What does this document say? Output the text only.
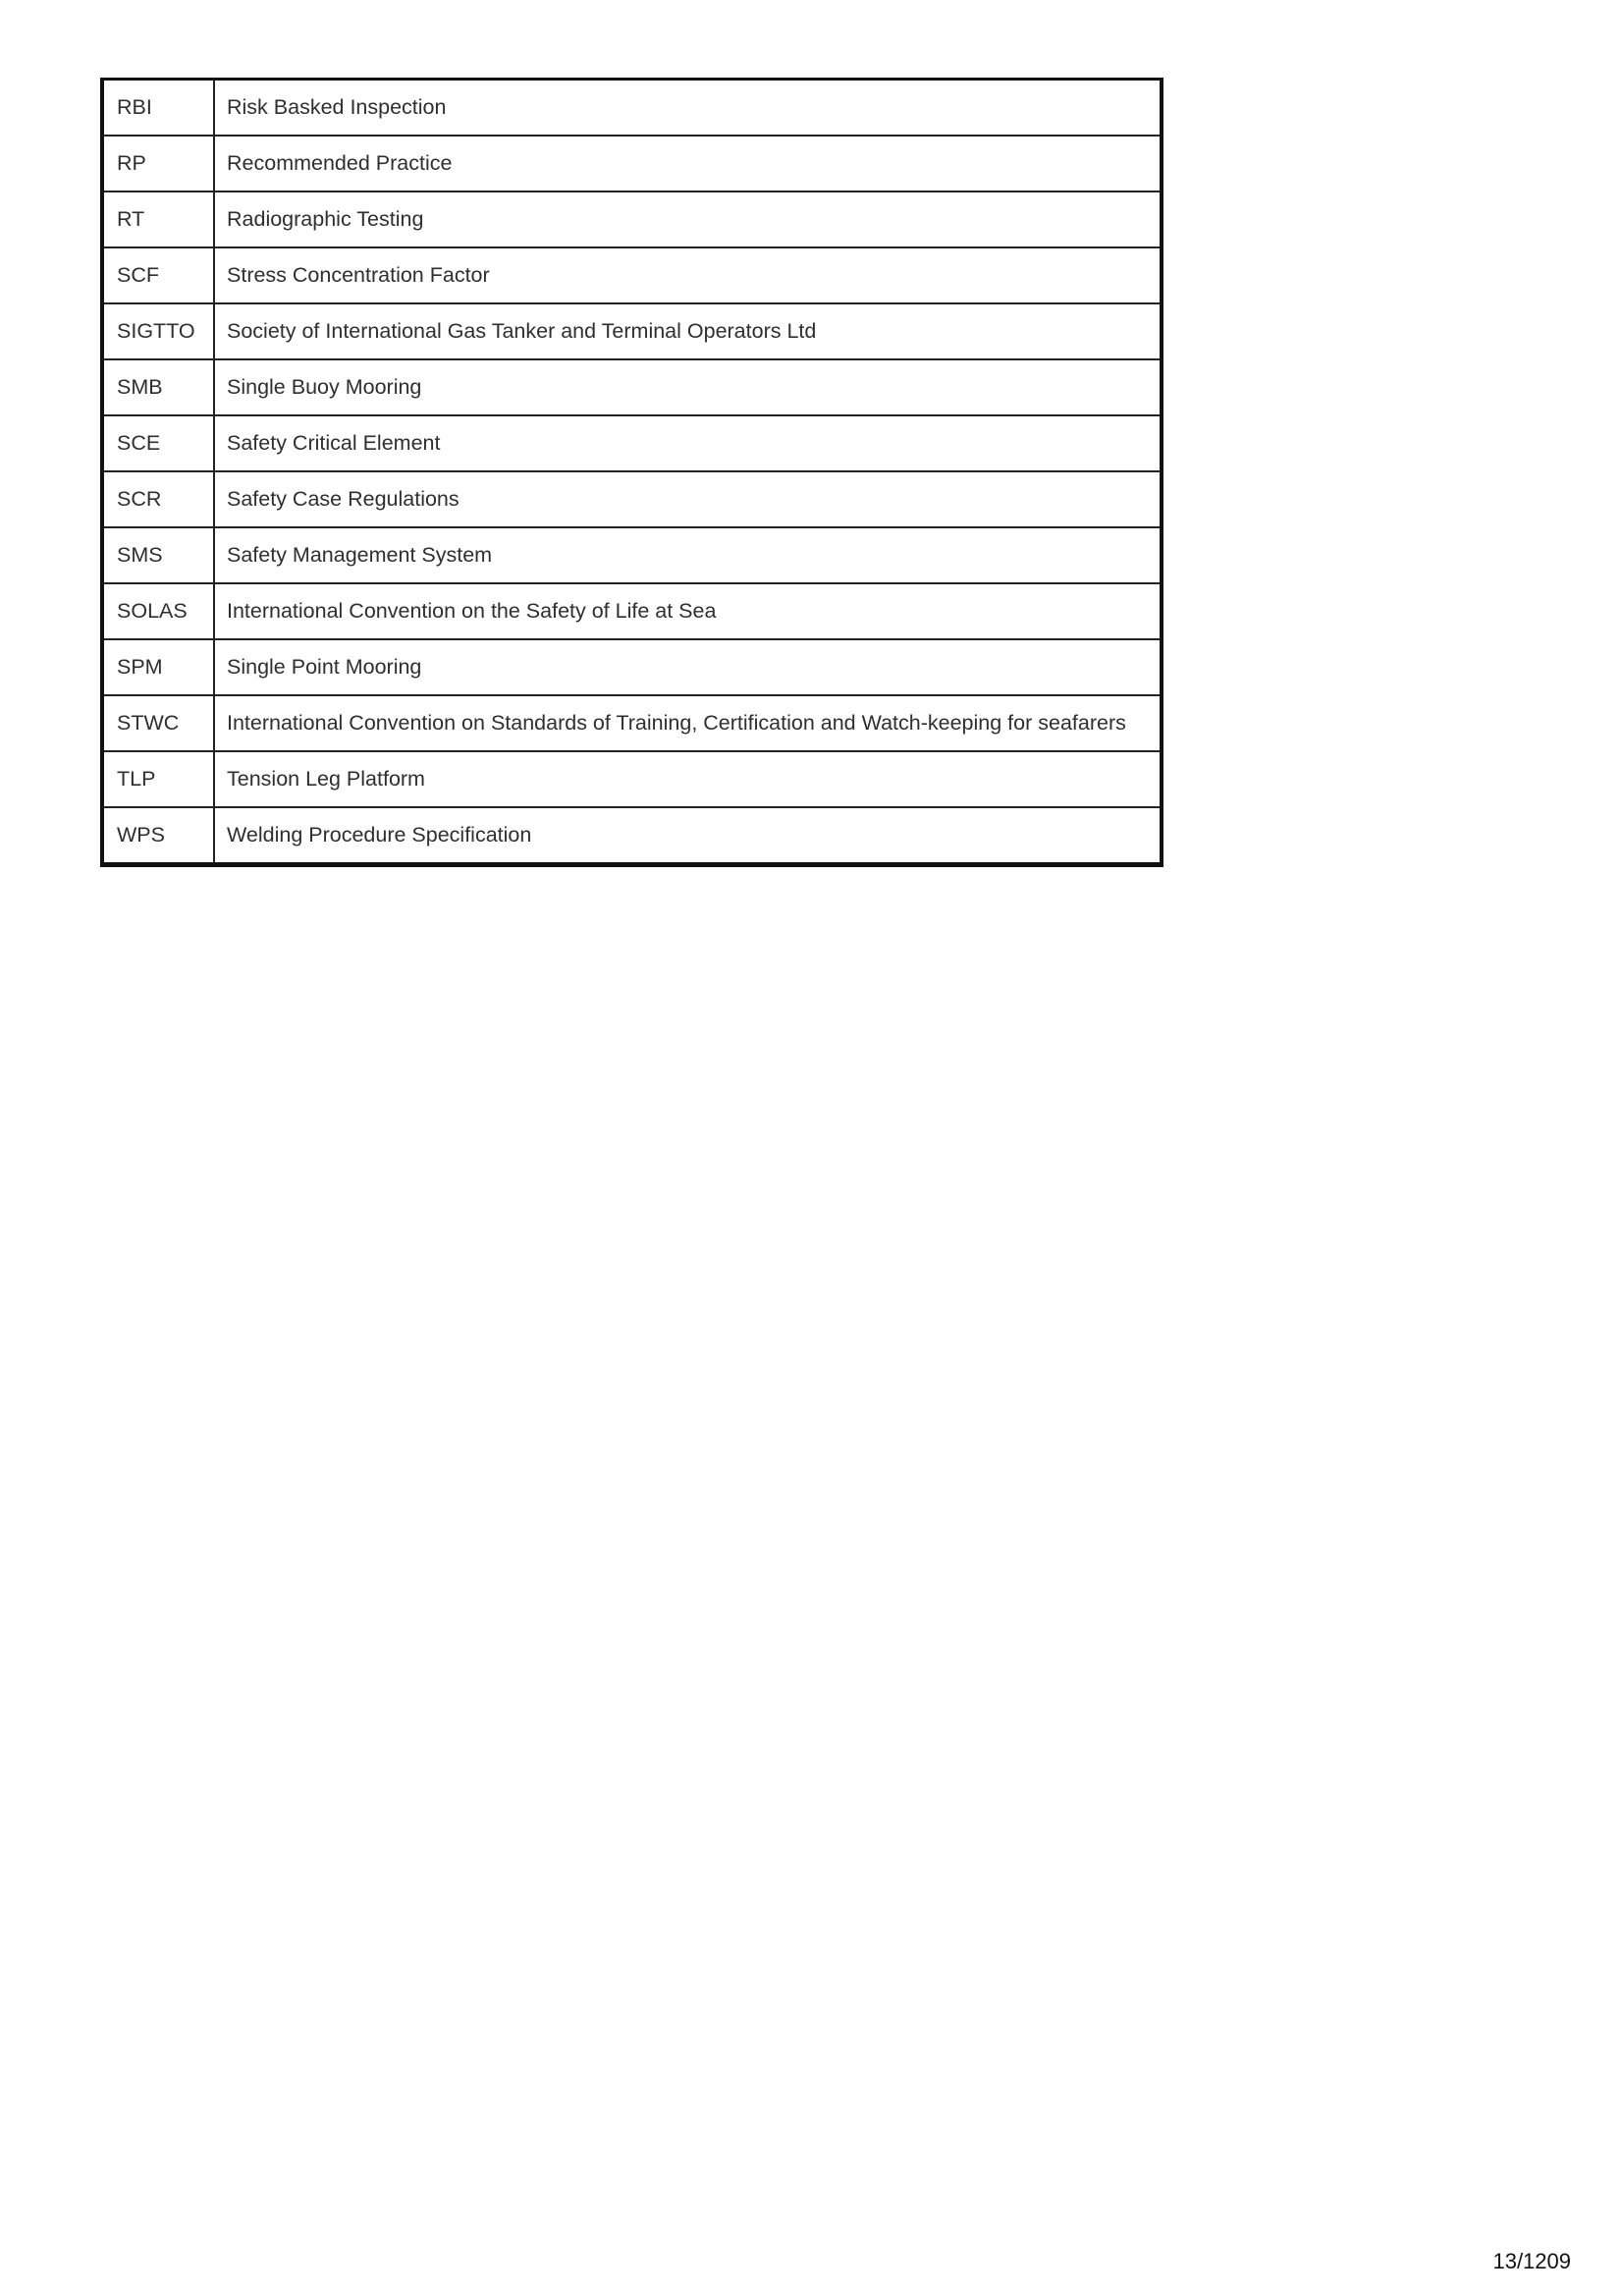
RBI	Risk Basked Inspection
RP	Recommended Practice
RT	Radiographic Testing
SCF	Stress Concentration Factor
SIGTTO	Society of International Gas Tanker and Terminal Operators Ltd
SMB	Single Buoy Mooring
SCE	Safety Critical Element
SCR	Safety Case Regulations
SMS	Safety Management System
SOLAS	International Convention on the Safety of Life at Sea
SPM	Single Point Mooring
STWC	International Convention on Standards of Training, Certification and Watch-keeping for seafarers
TLP	Tension Leg Platform
WPS	Welding Procedure Specification
13/1209
